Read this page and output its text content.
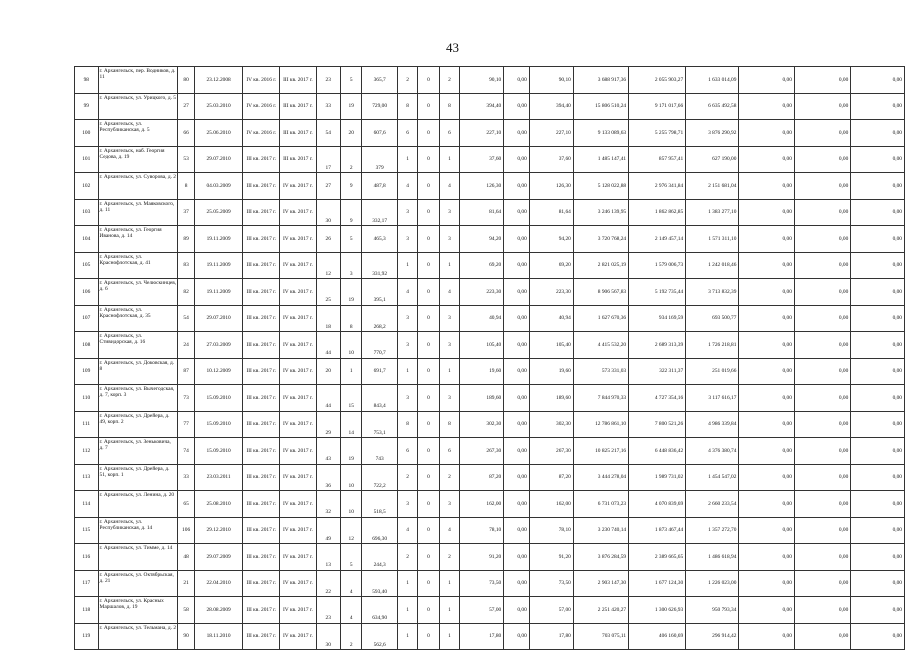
43
98	г. Архангельск, пер. Водников, д. 11	80	23.12.2008	IV кв. 2016 г.	III кв. 2017 г.	23	5	365,7	2	0	2	90,10	0,00	90,10	3 688 917,36	2 055 903,27	1 633 014,09	0,00	0,00	0,00
99	г. Архангельск, ул. Урицкого, д. 5	27	25.03.2010	IV кв. 2016 г.	III кв. 2017 г.	33	19	729,00	8	0	8	394,40	0,00	394,40	15 806 510,24	9 171 017,66	6 635 492,58	0,00	0,00	0,00
100	г. Архангельск, ул. Республиканская, д. 5	66	25.06.2010	IV кв. 2016 г.	III кв. 2017 г.	54	20	607,6	6	0	6	227,10	0,00	227,10	9 133 089,63	5 255 798,71	3 876 290,92	0,00	0,00	0,00
101	г. Архангельск, наб. Георгия Седова, д. 19	53	29.07.2010	III кв. 2017 г.	III кв. 2017 г.	17	2	379	1	0	1	37,60	0,00	37,60	1 485 147,41	857 957,41	627 190,00	0,00	0,00	0,00
102	г. Архангельск, ул. Суворова, д. 2	8	04.03.2009	III кв. 2017 г.	IV кв. 2017 г.	27	9	487,8	4	0	4	126,30	0,00	126,30	5 128 022,88	2 976 341,84	2 151 681,04	0,00	0,00	0,00
103	г. Архангельск, ул. Маяковского, д. 11	37	25.05.2009	III кв. 2017 г.	IV кв. 2017 г.	30	9	332,17	3	0	3	81,64	0,00	81,64	3 246 139,95	1 862 862,85	1 383 277,10	0,00	0,00	0,00
104	г. Архангельск, ул. Георгия Иванова, д. 14	89	19.11.2009	III кв. 2017 г.	IV кв. 2017 г.	26	5	465,3	3	0	3	94,20	0,00	94,20	3 720 768,24	2 149 457,14	1 571 311,10	0,00	0,00	0,00
105	г. Архангельск, ул. Краснофлотская, д. 41	83	19.11.2009	III кв. 2017 г.	IV кв. 2017 г.	12	3	331,92	1	0	1	69,20	0,00	69,20	2 821 025,19	1 579 006,73	1 242 018,46	0,00	0,00	0,00
106	г. Архангельск, ул. Челюскинцев, д. 6	82	19.11.2009	III кв. 2017 г.	IV кв. 2017 г.	25	19	395,1	4	0	4	223,30	0,00	223,30	8 906 567,83	5 192 735,44	3 713 832,39	0,00	0,00	0,00
107	г. Архангельск, ул. Краснофлотская, д. 35	54	29.07.2010	III кв. 2017 г.	IV кв. 2017 г.	18	8	268,2	3	0	3	40,94	0,00	40,94	1 627 670,36	934 169,59	693 500,77	0,00	0,00	0,00
108	г. Архангельск, ул. Стивидорская, д. 16	24	27.03.2009	III кв. 2017 г.	IV кв. 2017 г.	44	10	770,7	3	0	3	105,40	0,00	105,40	4 415 532,20	2 689 313,39	1 726 218,81	0,00	0,00	0,00
109	г. Архангельск, ул. Доковская, д. 8	87	10.12.2009	III кв. 2017 г.	IV кв. 2017 г.	20	1	691,7	1	0	1	19,60	0,00	19,60	573 331,03	322 311,37	251 019,66	0,00	0,00	0,00
110	г. Архангельск, ул. Вычегодская, д. 7, корп. 3	73	15.09.2010	III кв. 2017 г.	IV кв. 2017 г.	44	15	843,4	3	0	3	189,60	0,00	189,60	7 844 970,33	4 727 354,16	3 117 616,17	0,00	0,00	0,00
111	г. Архангельск, ул. Дрейера, д. 49, корп. 2	77	15.09.2010	III кв. 2017 г.	IV кв. 2017 г.	29	14	753,1	8	0	8	302,30	0,00	302,30	12 786 861,10	7 800 521,26	4 986 339,84	0,00	0,00	0,00
112	г. Архангельск, ул. Зеньковича, д. 7	74	15.09.2010	III кв. 2017 г.	IV кв. 2017 г.	43	19	743	6	0	6	267,30	0,00	267,30	10 825 217,16	6 448 836,42	4 376 380,74	0,00	0,00	0,00
113	г. Архангельск, ул. Дрейера, д. 51, корп. 1	33	23.03.2011	III кв. 2017 г.	IV кв. 2017 г.	36	10	722,2	2	0	2	87,20	0,00	87,20	3 444 278,04	1 989 731,02	1 454 547,02	0,00	0,00	0,00
114	г. Архангельск, ул. Ленина, д. 20	65	25.08.2010	III кв. 2017 г.	IV кв. 2017 г.	32	10	518,5	3	0	3	162,00	0,00	162,00	6 731 073,23	4 070 839,69	2 660 233,54	0,00	0,00	0,00
115	г. Архангельск, ул. Республиканская, д. 14	106	29.12.2010	III кв. 2017 г.	IV кв. 2017 г.	49	12	696,30	4	0	4	78,10	0,00	78,10	3 230 740,14	1 873 467,44	1 357 272,70	0,00	0,00	0,00
116	г. Архангельск, ул. Тимме, д. 14	48	29.07.2009	III кв. 2017 г.	IV кв. 2017 г.	13	5	244,3	2	0	2	91,20	0,00	91,20	3 876 284,59	2 389 665,65	1 486 618,94	0,00	0,00	0,00
117	г. Архангельск, ул. Октябрьская, д. 21	21	22.04.2010	III кв. 2017 г.	IV кв. 2017 г.	22	4	593,40	1	0	1	73,50	0,00	73,50	2 903 147,30	1 677 124,30	1 226 023,00	0,00	0,00	0,00
118	г. Архангельск, ул. Красных Маршалов, д. 19	58	28.08.2009	III кв. 2017 г.	IV кв. 2017 г.	23	4	634,90	1	0	1	57,00	0,00	57,00	2 251 420,27	1 300 626,93	950 793,34	0,00	0,00	0,00
119	г. Архангельск, ул. Тельмана, д. 2	90	18.11.2010	III кв. 2017 г.	IV кв. 2017 г.	30	2	562,6	1	0	1	17,80	0,00	17,80	703 075,11	406 160,69	296 914,42	0,00	0,00	0,00
